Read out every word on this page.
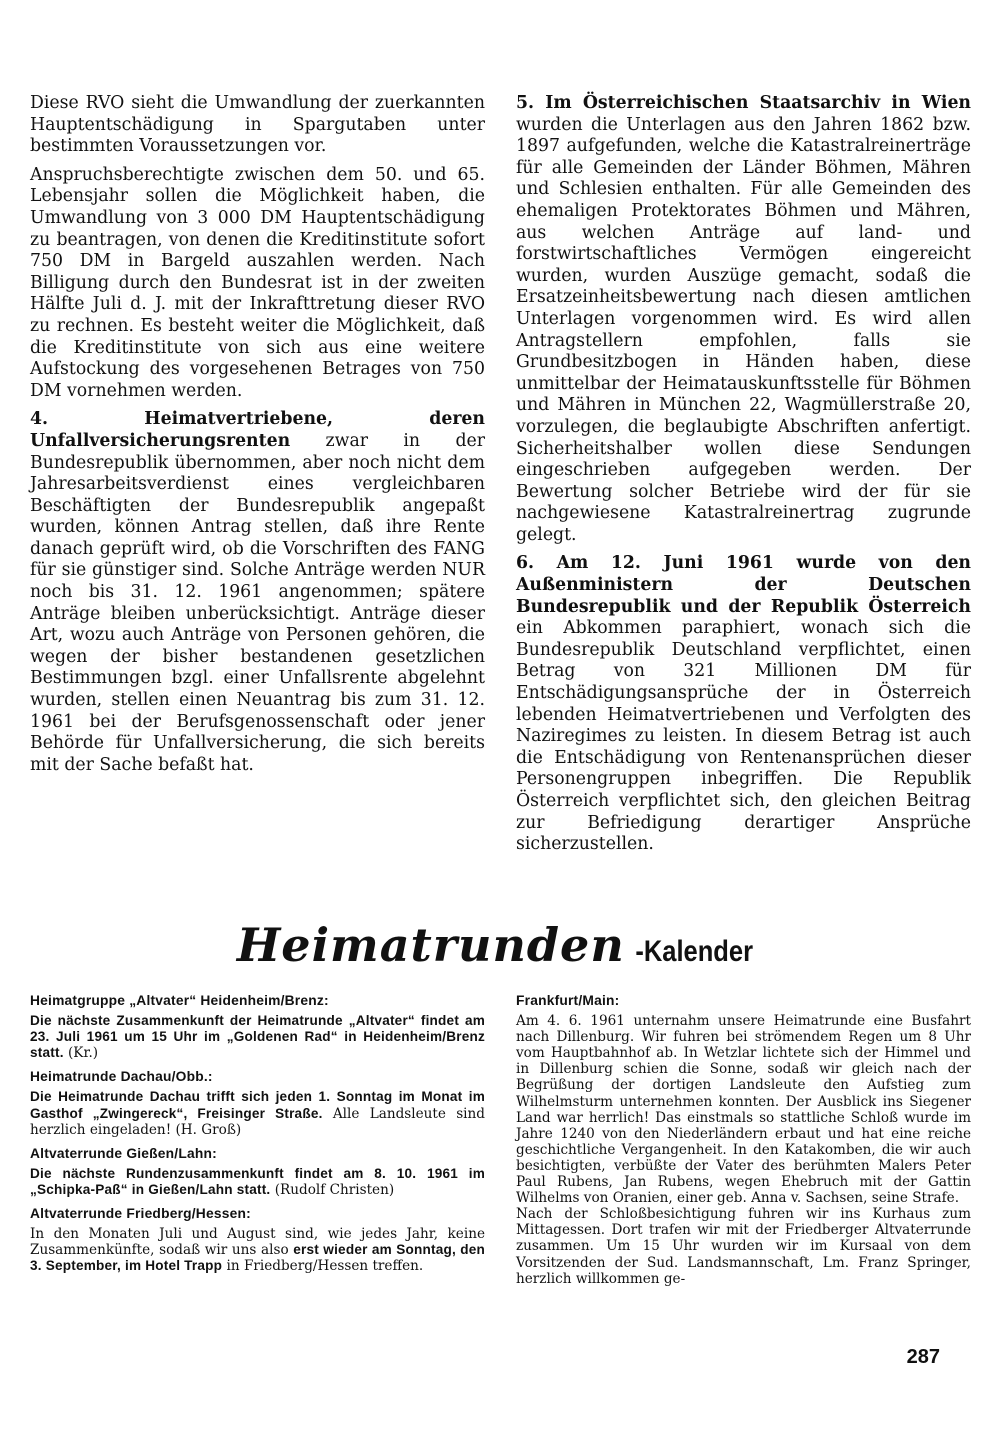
Diese RVO sieht die Umwandlung der zuerkannten Hauptentschädigung in Spargutaben unter bestimmten Voraussetzungen vor.

Anspruchsberechtigte zwischen dem 50. und 65. Lebensjahr sollen die Möglichkeit haben, die Umwandlung von 3 000 DM Hauptentschädigung zu beantragen, von denen die Kreditinstitute sofort 750 DM in Bargeld auszahlen werden. Nach Billigung durch den Bundesrat ist in der zweiten Hälfte Juli d. J. mit der Inkrafttretung dieser RVO zu rechnen. Es besteht weiter die Möglichkeit, daß die Kreditinstitute von sich aus eine weitere Aufstockung des vorgesehenen Betrages von 750 DM vornehmen werden.

4. Heimatvertriebene, deren Unfallversicherungsrenten zwar in der Bundesrepublik übernommen, aber noch nicht dem Jahresarbeitsverdienst eines vergleichbaren Beschäftigten der Bundesrepublik angepaßt wurden, können Antrag stellen, daß ihre Rente danach geprüft wird, ob die Vorschriften des FANG für sie günstiger sind. Solche Anträge werden NUR noch bis 31. 12. 1961 angenommen; spätere Anträge bleiben unberücksichtigt. Anträge dieser Art, wozu auch Anträge von Personen gehören, die wegen der bisher bestandenen gesetzlichen Bestimmungen bzgl. einer Unfallsrente abgelehnt wurden, stellen einen Neuantrag bis zum 31. 12. 1961 bei der Berufsgenossenschaft oder jener Behörde für Unfallversicherung, die sich bereits mit der Sache befaßt hat.

5. Im Österreichischen Staatsarchiv in Wien wurden die Unterlagen aus den Jahren 1862 bzw. 1897 aufgefunden, welche die Katastralreinerträge für alle Gemeinden der Länder Böhmen, Mähren und Schlesien enthalten. Für alle Gemeinden des ehemaligen Protektorates Böhmen und Mähren, aus welchen Anträge auf land- und forstwirtschaftliches Vermögen eingereicht wurden, wurden Auszüge gemacht, sodaß die Ersatzeinheitsbewertung nach diesen amtlichen Unterlagen vorgenommen wird. Es wird allen Antragstellern empfohlen, falls sie Grundbesitzbogen in Händen haben, diese unmittelbar der Heimatauskunftsstelle für Böhmen und Mähren in München 22, Wagmüllerstraße 20, vorzulegen, die beglaubigte Abschriften anfertigt. Sicherheitshalber wollen diese Sendungen eingeschrieben aufgegeben werden. Der Bewertung solcher Betriebe wird der für sie nachgewiesene Katastralreinertrag zugrunde gelegt.

6. Am 12. Juni 1961 wurde von den Außenministern der Deutschen Bundesrepublik und der Republik Österreich ein Abkommen paraphiert, wonach sich die Bundesrepublik Deutschland verpflichtet, einen Betrag von 321 Millionen DM für Entschädigungsansprüche der in Österreich lebenden Heimatvertriebenen und Verfolgten des Naziregimes zu leisten. In diesem Betrag ist auch die Entschädigung von Rentenansprüchen dieser Personengruppen inbegriffen. Die Republik Österreich verpflichtet sich, den gleichen Beitrag zur Befriedigung derartiger Ansprüche sicherzustellen.

Heimatrunden -Kalender

Heimatgruppe „Altvater“ Heidenheim/Brenz:

Die nächste Zusammenkunft der Heimatrunde „Altvater“ findet am 23. Juli 1961 um 15 Uhr im „Goldenen Rad“ in Heidenheim/Brenz statt. (Kr.)

Heimatrunde Dachau/Obb.:

Die Heimatrunde Dachau trifft sich jeden 1. Sonntag im Monat im Gasthof „Zwingereck“, Freisinger Straße. Alle Landsleute sind herzlich eingeladen! (H. Groß)

Altvaterrunde Gießen/Lahn:

Die nächste Rundenzusammenkunft findet am 8. 10. 1961 im „Schipka-Paß“ in Gießen/Lahn statt. (Rudolf Christen)

Altvaterrunde Friedberg/Hessen:

In den Monaten Juli und August sind, wie jedes Jahr, keine Zusammenkünfte, sodaß wir uns also erst wieder am Sonntag, den 3. September, im Hotel Trapp in Friedberg/Hessen treffen.

Frankfurt/Main:

Am 4. 6. 1961 unternahm unsere Heimatrunde eine Busfahrt nach Dillenburg. Wir fuhren bei strömendem Regen um 8 Uhr vom Hauptbahnhof ab. In Wetzlar lichtete sich der Himmel und in Dillenburg schien die Sonne, sodaß wir gleich nach der Begrüßung der dortigen Landsleute den Aufstieg zum Wilhelmsturm unternehmen konnten. Der Ausblick ins Siegener Land war herrlich! Das einstmals so stattliche Schloß wurde im Jahre 1240 von den Niederländern erbaut und hat eine reiche geschichtliche Vergangenheit. In den Katakomben, die wir auch besichtigten, verbüßte der Vater des berühmten Malers Peter Paul Rubens, Jan Rubens, wegen Ehebruch mit der Gattin Wilhelms von Oranien, einer geb. Anna v. Sachsen, seine Strafe.

Nach der Schloßbesichtigung fuhren wir ins Kurhaus zum Mittagessen. Dort trafen wir mit der Friedberger Altvaterrunde zusammen. Um 15 Uhr wurden wir im Kursaal von dem Vorsitzenden der Sud. Landsmannschaft, Lm. Franz Springer, herzlich willkommen ge-

287
